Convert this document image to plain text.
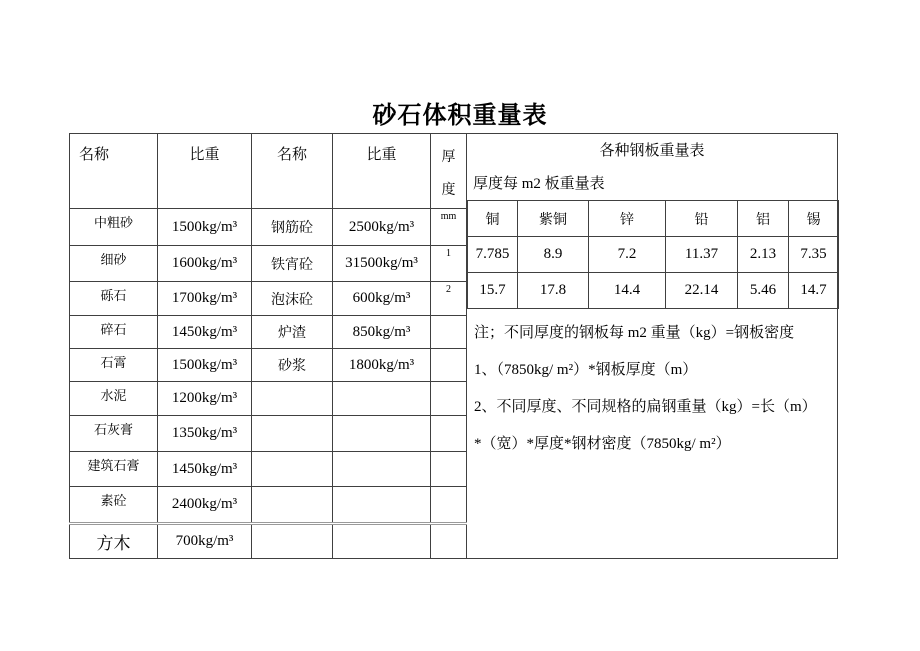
砂石体积重量表
名称	比重	名称	比重	厚
度

中粗砂	1500kg/m³	钢筋砼	2500kg/m³	mm
细砂	1600kg/m³	铁宵砼	31500kg/m³	1
砾石	1700kg/m³	泡沫砼	600kg/m³	2
碎石	1450kg/m³	炉渣	850kg/m³	
石霄	1500kg/m³	砂浆	1800kg/m³	
水泥	1200kg/m³			
石灰膏	1350kg/m³			
建筑石膏	1450kg/m³			
素砼	2400kg/m³			
方木	700kg/m³			
各种钢板重量表
厚度每 m2 板重量表
铜	紫铜	锌	铅	铝	锡
7.785	8.9	7.2	11.37	2.13	7.35
15.7	17.8	14.4	22.14	5.46	14.7
注；不同厚度的钢板每 m2 重量（kg）=钢板密度
1、（7850kg/ m²）*钢板厚度（m）
2、不同厚度、不同规格的扁钢重量（kg）=长（m）
*（宽）*厚度*钢材密度（7850kg/ m²）
